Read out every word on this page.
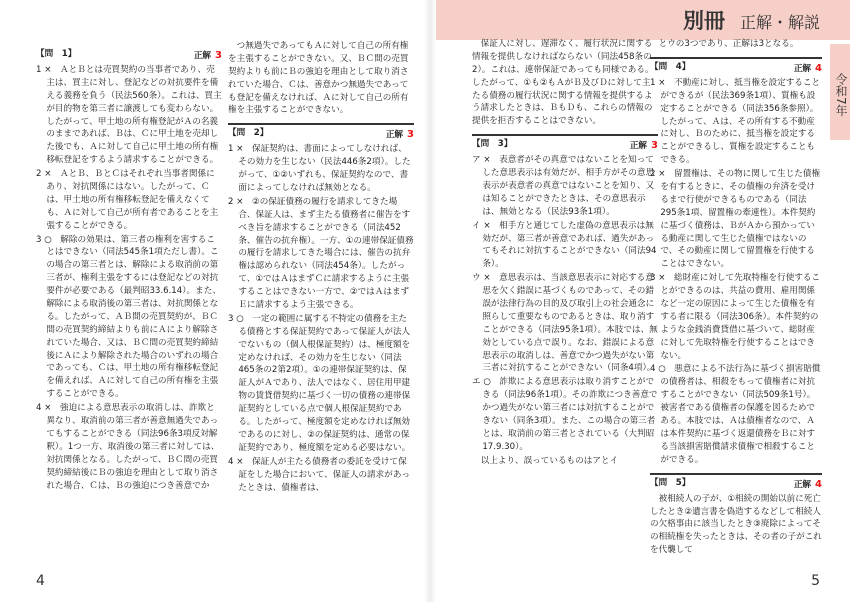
別冊 正解・解説
令和7年
【問　1】	正解 3

1 ×　ＡとＢとは売買契約の当事者であり、売主は、買主に対し、登記などの対抗要件を備える義務を負う（民法560条）。これは、買主が目的物を第三者に譲渡しても変わらない。したがって、甲土地の所有権登記がＡの名義のままであれば、Ｂは、Ｃに甲土地を売却した後でも、Ａに対して自己に甲土地の所有権移転登記をするよう請求することができる。

2 ×　ＡとＢ、ＢとＣはそれぞれ当事者関係にあり、対抗関係にはない。したがって、Ｃは、甲土地の所有権移転登記を備えなくても、Ａに対して自己が所有者であることを主張することができる。

3 ○　解除の効果は、第三者の権利を害することはできない（同法545条1項ただし書）。この場合の第三者とは、解除による取消前の第三者が、権利主張をするには登記などの対抗要件が必要である（最判昭33.6.14）。また、解除による取消後の第三者は、対抗関係となる。したがって、ＡＢ間の売買契約が、ＢＣ間の売買契約締結よりも前にＡにより解除されていた場合、又は、ＢＣ間の売買契約締結後にＡにより解除された場合のいずれの場合であっても、Ｃは、甲土地の所有権移転登記を備えれば、Ａに対して自己の所有権を主張することができる。

4 ×　強迫による意思表示の取消しは、詐欺と異なり、取消前の第三者が善意無過失であってもすることができる（同法96条3項反対解釈）。1つ一方、取消後の第三者に対しては、対抗関係となる。したがって、ＢＣ間の売買契約締結後にＢの強迫を理由として取り消された場合、Ｃは、Ｂの強迫につき善意でか

つ無過失であってもＡに対して自己の所有権を主張することができない。又、ＢＣ間の売買契約よりも前にＢの強迫を理由として取り消されていた場合、Ｃは、善意かつ無過失であっても登記を備えなければ、Ａに対して自己の所有権を主張することができない。

【問　2】	正解 3

1 ×　保証契約は、書面によってしなければ、その効力を生じない（民法446条2項）。したがって、①②いずれも、保証契約なので、書面によってしなければ無効となる。

2 ×　②の保証債務の履行を請求してきた場合、保証人は、まず主たる債務者に催告をすべき旨を請求することができる（同法452条、催告の抗弁権）。一方、①の連帯保証債務の履行を請求してきた場合には、催告の抗弁権は認められない（同法454条）。したがって、①ではＡはまずＣに請求するように主張することはできない一方で、②ではＡはまずＥに請求するよう主張できる。

3 ○　一定の範囲に属する不特定の債務を主たる債務とする保証契約であって保証人が法人でないもの（個人根保証契約）は、極度額を定めなければ、その効力を生じない（同法465条の2第2項）。①の連帯保証契約は、保証人がＡであり、法人ではなく、居住用甲建物の賃貸借契約に基づく一切の債務の連帯保証契約としている点で個人根保証契約である。したがって、極度額を定めなければ無効であるのに対し、②の保証契約は、通常の保証契約であり、極度額を定める必要はない。

4 ×　保証人が主たる債務者の委託を受けて保証をした場合において、保証人の請求があったときは、債権者は、

保証人に対し、遅滞なく、履行状況に関する情報を提供しなければならない（同法458条の2）。これは、連帯保証であっても同様である。したがって、①も②もＡがＢ及びＤに対して主たる債務の履行状況に関する情報を提供するよう請求したときは、ＢもＤも、これらの情報の提供を拒否することはできない。

【問　3】	正解 3

ア ×　表意者がその真意ではないことを知ってした意思表示は有効だが、相手方がその意思表示が表意者の真意ではないことを知り、又は知ることができたときは、その意思表示は、無効となる（民法93条1項）。

イ ×　相手方と通じてした虚偽の意思表示は無効だが、第三者が善意であれば、過失があってもそれに対抗することができない（同法94条）。

ウ ×　意思表示は、当該意思表示に対応する意思を欠く錯誤に基づくものであって、その錯誤が法律行為の目的及び取引上の社会通念に照らして重要なものであるときは、取り消すことができる（同法95条1項）。本肢では、無効としている点で誤り。なお、錯誤による意思表示の取消しは、善意でかつ過失がない第三者に対抗することができない（同条4項）。

エ ○　詐欺による意思表示は取り消すことができる（同法96条1項）。その詐欺につき善意でかつ過失がない第三者には対抗することができない（同条3項）。また、この場合の第三者とは、取消前の第三者とされている（大判昭17.9.30）。

以上より、誤っているものはアとイ

とウの3つであり、正解は3となる。

【問　4】	正解 4

1 ×　不動産に対し、抵当権を設定することができるが（民法369条1項）、質権も設定することができる（同法356条参照）。したがって、Ａは、その所有する不動産に対し、Ｂのために、抵当権を設定することができるし、質権を設定することもできる。

2 ×　留置権は、その物に関して生じた債権を有するときに、その債権の弁済を受けるまで行使ができるものである（同法295条1項、留置権の牽連性）。本件契約に基づく債務は、ＢがＡから預かっている動産に関して生じた債権ではないので、その動産に関して留置権を行使することはできない。

3 ×　総財産に対して先取特権を行使することができるのは、共益の費用、雇用関係など一定の原因によって生じた債権を有する者に限る（同法306条）。本件契約のような金銭消費貸借に基づいて、総財産に対して先取特権を行使することはできない。

4 ○　悪意による不法行為に基づく損害賠償の債務者は、相殺をもって債権者に対抗することができない（同法509条1号）。被害者である債権者の保護を図るためである。本肢では、Ａは債権者なので、Ａは本件契約に基づく返還債務をＢに対する当該損害賠償請求債権で相殺することができる。

【問　5】	正解 4

被相続人の子が、①相続の開始以前に死亡したとき②遺言書を偽造するなどして相続人の欠格事由に該当したとき③廃除によってその相続権を失ったときは、その者の子がこれを代襲して

4	5
